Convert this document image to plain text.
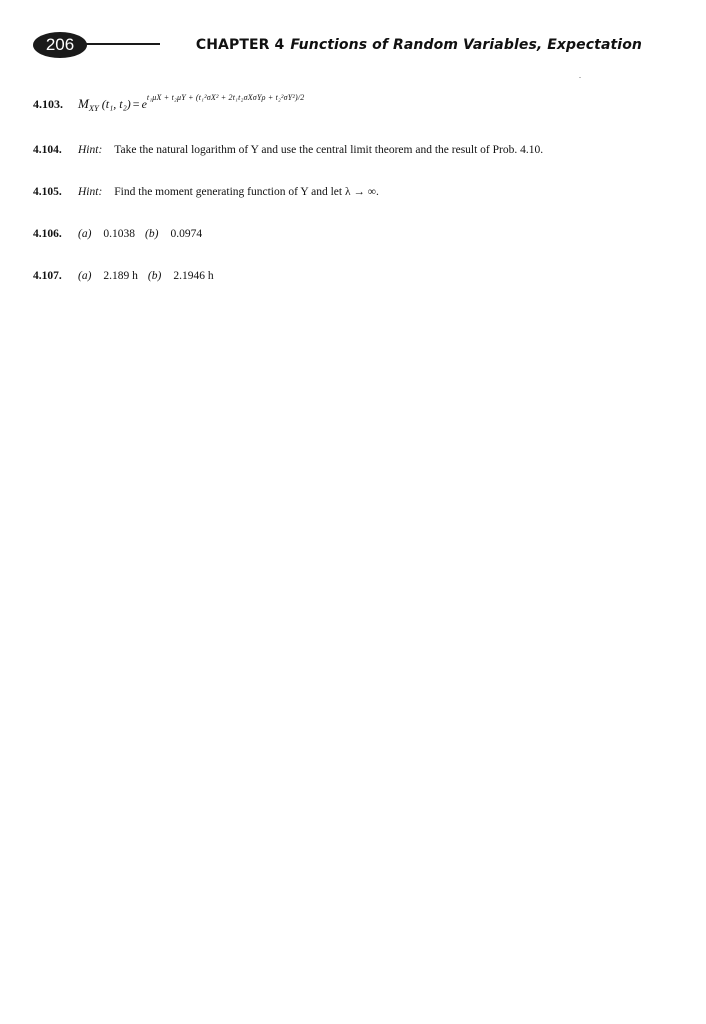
206	CHAPTER 4 Functions of Random Variables, Expectation
4.103. $M_{XY}$ (t₁, $t_2) = e^{t_1\mu X + t_2\mu Y + (t_1^2\sigma X^2 + 2t_1t_2\sigma X\sigma Y\rho + t_2^2\sigma Y^2)/2}$
4.104. Hint: Take the natural logarithm of Y and use the central limit theorem and the result of Prob. 4.10.
4.105. Hint: Find the moment generating function of Y and let λ → ∞.
4.106. (a) 0.1038 (b) 0.0974
4.107. (a) 2.189 h (b) 2.1946 h
